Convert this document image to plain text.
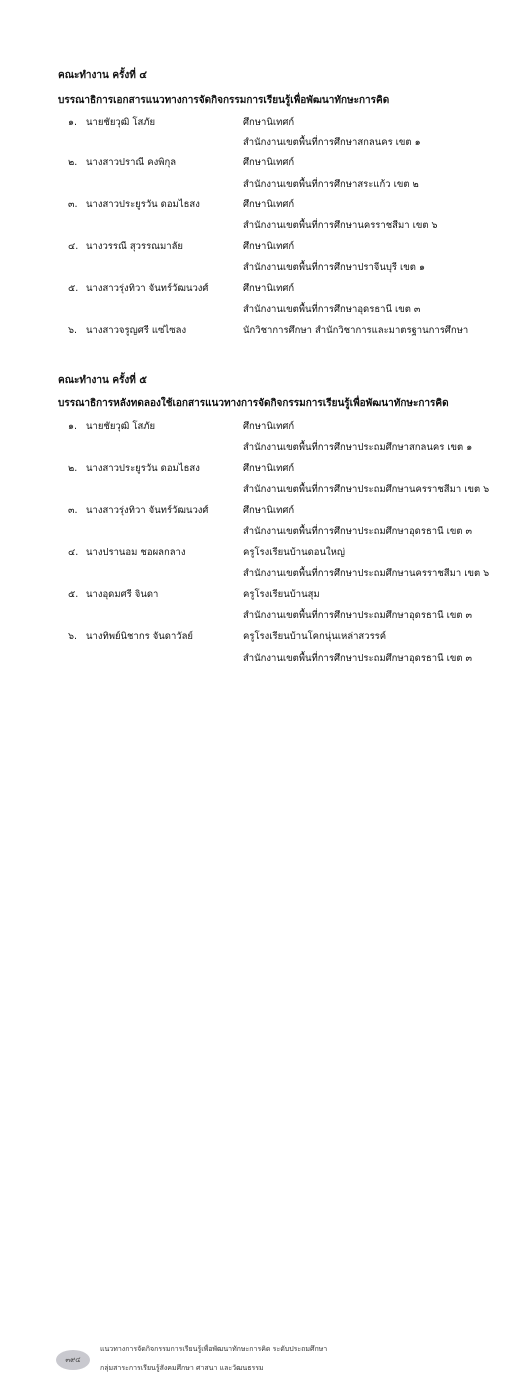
คณะทำงาน ครั้งที่ ๔
บรรณาธิการเอกสารแนวทางการจัดกิจกรรมการเรียนรู้เพื่อพัฒนาทักษะการคิด
๑. นายชัยวุฒิ โสภัย	ศึกษานิเทศก์
สำนักงานเขตพื้นที่การศึกษาสกลนคร เขต ๑
๒. นางสาวปราณี คงพิกุล	ศึกษานิเทศก์
สำนักงานเขตพื้นที่การศึกษาสระแก้ว เขต ๒
๓. นางสาวประยูรวัน ดอมไธสง	ศึกษานิเทศก์
สำนักงานเขตพื้นที่การศึกษานครราชสีมา เขต ๖
๔. นางวรรณี สุวรรณมาลัย	ศึกษานิเทศก์
สำนักงานเขตพื้นที่การศึกษาปราจีนบุรี เขต ๑
๕. นางสาวรุ่งทิวา จันทร์วัฒนวงศ์	ศึกษานิเทศก์
สำนักงานเขตพื้นที่การศึกษาอุดรธานี เขต ๓
๖. นางสาวจรูญศรี แซ่ไซลง	นักวิชาการศึกษา สำนักวิชาการและมาตรฐานการศึกษา
คณะทำงาน ครั้งที่ ๕
บรรณาธิการหลังทดลองใช้เอกสารแนวทางการจัดกิจกรรมการเรียนรู้เพื่อพัฒนาทักษะการคิด
๑. นายชัยวุฒิ โสภัย	ศึกษานิเทศก์
สำนักงานเขตพื้นที่การศึกษาประถมศึกษาสกลนคร เขต ๑
๒. นางสาวประยูรวัน ดอมไธสง	ศึกษานิเทศก์
สำนักงานเขตพื้นที่การศึกษาประถมศึกษานครราชสีมา เขต ๖
๓. นางสาวรุ่งทิวา จันทร์วัฒนวงศ์	ศึกษานิเทศก์
สำนักงานเขตพื้นที่การศึกษาประถมศึกษาอุดรธานี เขต ๓
๔. นางปรานอม ชอผลกลาง	ครูโรงเรียนบ้านดอนใหญ่
สำนักงานเขตพื้นที่การศึกษาประถมศึกษานครราชสีมา เขต ๖
๕. นางอุดมศรี จินดา	ครูโรงเรียนบ้านสุม
สำนักงานเขตพื้นที่การศึกษาประถมศึกษาอุดรธานี เขต ๓
๖. นางทิพย์นิชากร จันดาวัลย์	ครูโรงเรียนบ้านโคกนุ่นเหล่าสวรรค์
สำนักงานเขตพื้นที่การศึกษาประถมศึกษาอุดรธานี เขต ๓
๓๙๔
แนวทางการจัดกิจกรรมการเรียนรู้เพื่อพัฒนาทักษะการคิด ระดับประถมศึกษา
กลุ่มสาระการเรียนรู้สังคมศึกษา ศาสนา และวัฒนธรรม
